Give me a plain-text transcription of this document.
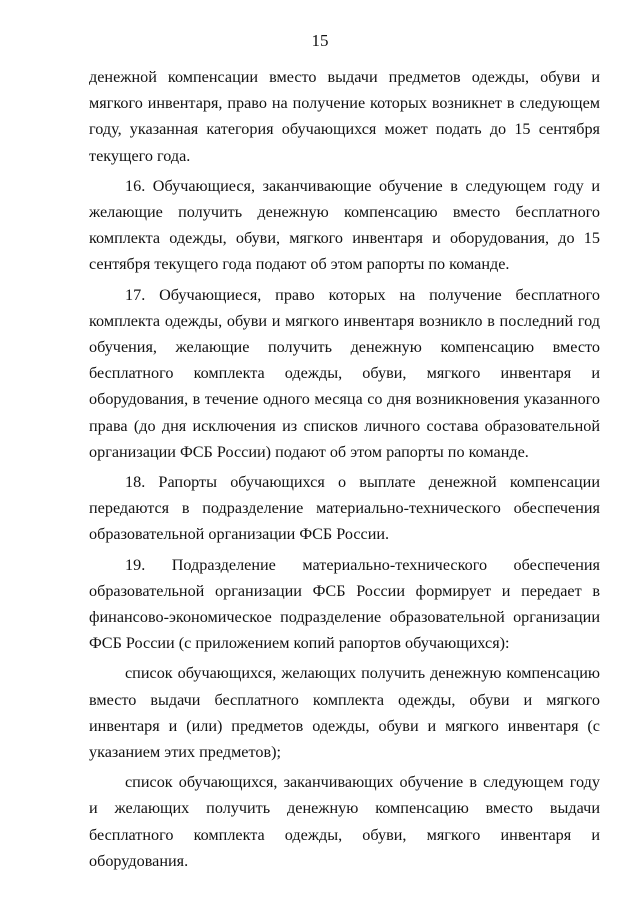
15

денежной компенсации вместо выдачи предметов одежды, обуви и мягкого инвентаря, право на получение которых возникнет в следующем году, указанная категория обучающихся может подать до 15 сентября текущего года.

16. Обучающиеся, заканчивающие обучение в следующем году и желающие получить денежную компенсацию вместо бесплатного комплекта одежды, обуви, мягкого инвентаря и оборудования, до 15 сентября текущего года подают об этом рапорты по команде.

17. Обучающиеся, право которых на получение бесплатного комплекта одежды, обуви и мягкого инвентаря возникло в последний год обучения, желающие получить денежную компенсацию вместо бесплатного комплекта одежды, обуви, мягкого инвентаря и оборудования, в течение одного месяца со дня возникновения указанного права (до дня исключения из списков личного состава образовательной организации ФСБ России) подают об этом рапорты по команде.

18. Рапорты обучающихся о выплате денежной компенсации передаются в подразделение материально-технического обеспечения образовательной организации ФСБ России.

19. Подразделение материально-технического обеспечения образовательной организации ФСБ России формирует и передает в финансово-экономическое подразделение образовательной организации ФСБ России (с приложением копий рапортов обучающихся):

список обучающихся, желающих получить денежную компенсацию вместо выдачи бесплатного комплекта одежды, обуви и мягкого инвентаря и (или) предметов одежды, обуви и мягкого инвентаря (с указанием этих предметов);

список обучающихся, заканчивающих обучение в следующем году и желающих получить денежную компенсацию вместо выдачи бесплатного комплекта одежды, обуви, мягкого инвентаря и оборудования.
